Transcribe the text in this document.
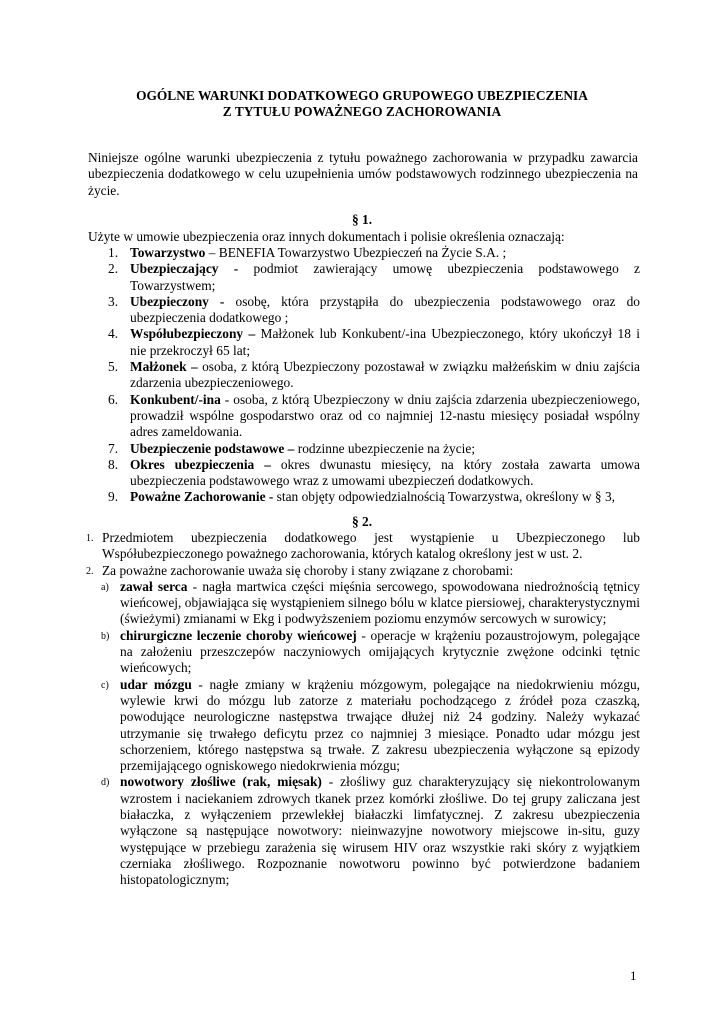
OGÓLNE WARUNKI DODATKOWEGO GRUPOWEGO UBEZPIECZENIA
Z TYTUŁU POWAŻNEGO ZACHOROWANIA
Niniejsze ogólne warunki ubezpieczenia z tytułu poważnego zachorowania w przypadku zawarcia ubezpieczenia dodatkowego w celu uzupełnienia umów podstawowych rodzinnego ubezpieczenia na życie.
§ 1.
Użyte w umowie ubezpieczenia oraz innych dokumentach i polisie określenia oznaczają:
1. Towarzystwo – BENEFIA Towarzystwo Ubezpieczeń na Życie S.A. ;
2. Ubezpieczający - podmiot zawierający umowę ubezpieczenia podstawowego z Towarzystwem;
3. Ubezpieczony - osobę, która przystąpiła do ubezpieczenia podstawowego oraz do ubezpieczenia dodatkowego ;
4. Współubezpieczony – Małżonek lub Konkubent/-ina Ubezpieczonego, który ukończył 18 i nie przekroczył 65 lat;
5. Małżonek – osoba, z którą Ubezpieczony pozostawał w związku małżeńskim w dniu zajścia zdarzenia ubezpieczeniowego.
6. Konkubent/-ina - osoba, z którą Ubezpieczony w dniu zajścia zdarzenia ubezpieczeniowego, prowadził wspólne gospodarstwo oraz od co najmniej 12-nastu miesięcy posiadał wspólny adres zameldowania.
7. Ubezpieczenie podstawowe – rodzinne ubezpieczenie na życie;
8. Okres ubezpieczenia – okres dwunastu miesięcy, na który została zawarta umowa ubezpieczenia podstawowego wraz z umowami ubezpieczeń dodatkowych.
9. Poważne Zachorowanie - stan objęty odpowiedzialnością Towarzystwa, określony w § 3,
§ 2.
1. Przedmiotem ubezpieczenia dodatkowego jest wystąpienie u Ubezpieczonego lub Współubezpieczonego poważnego zachorowania, których katalog określony jest w ust. 2.
2. Za poważne zachorowanie uważa się choroby i stany związane z chorobami:
a) zawał serca - nagła martwica części mięśnia sercowego, spowodowana niedrożnością tętnicy wieńcowej, objawiająca się wystąpieniem silnego bólu w klatce piersiowej, charakterystycznymi (świeżymi) zmianami w Ekg i podwyższeniem poziomu enzymów sercowych w surowicy;
b) chirurgiczne leczenie choroby wieńcowej - operacje w krążeniu pozaustrojowym, polegające na założeniu przeszczepów naczyniowych omijających krytycznie zwężone odcinki tętnic wieńcowych;
c) udar mózgu - nagłe zmiany w krążeniu mózgowym, polegające na niedokrwieniu mózgu, wylewie krwi do mózgu lub zatorze z materiału pochodzącego z źródeł poza czaszką, powodujące neurologiczne następstwa trwające dłużej niż 24 godziny. Należy wykazać utrzymanie się trwałego deficytu przez co najmniej 3 miesiące. Ponadto udar mózgu jest schorzeniem, którego następstwa są trwałe. Z zakresu ubezpieczenia wyłączone są epizody przemijającego ogniskowego niedokrwienia mózgu;
d) nowotwory złośliwe (rak, mięsak) - złośliwy guz charakteryzujący się niekontrolowanym wzrostem i naciekaniem zdrowych tkanek przez komórki złośliwe. Do tej grupy zaliczana jest białaczka, z wyłączeniem przewlekłej białaczki limfatycznej. Z zakresu ubezpieczenia wyłączone są następujące nowotwory: nieinwazyjne nowotwory miejscowe in-situ, guzy występujące w przebiegu zarażenia się wirusem HIV oraz wszystkie raki skóry z wyjątkiem czerniaka złośliwego. Rozpoznanie nowotworu powinno być potwierdzone badaniem histopatologicznym;
1
